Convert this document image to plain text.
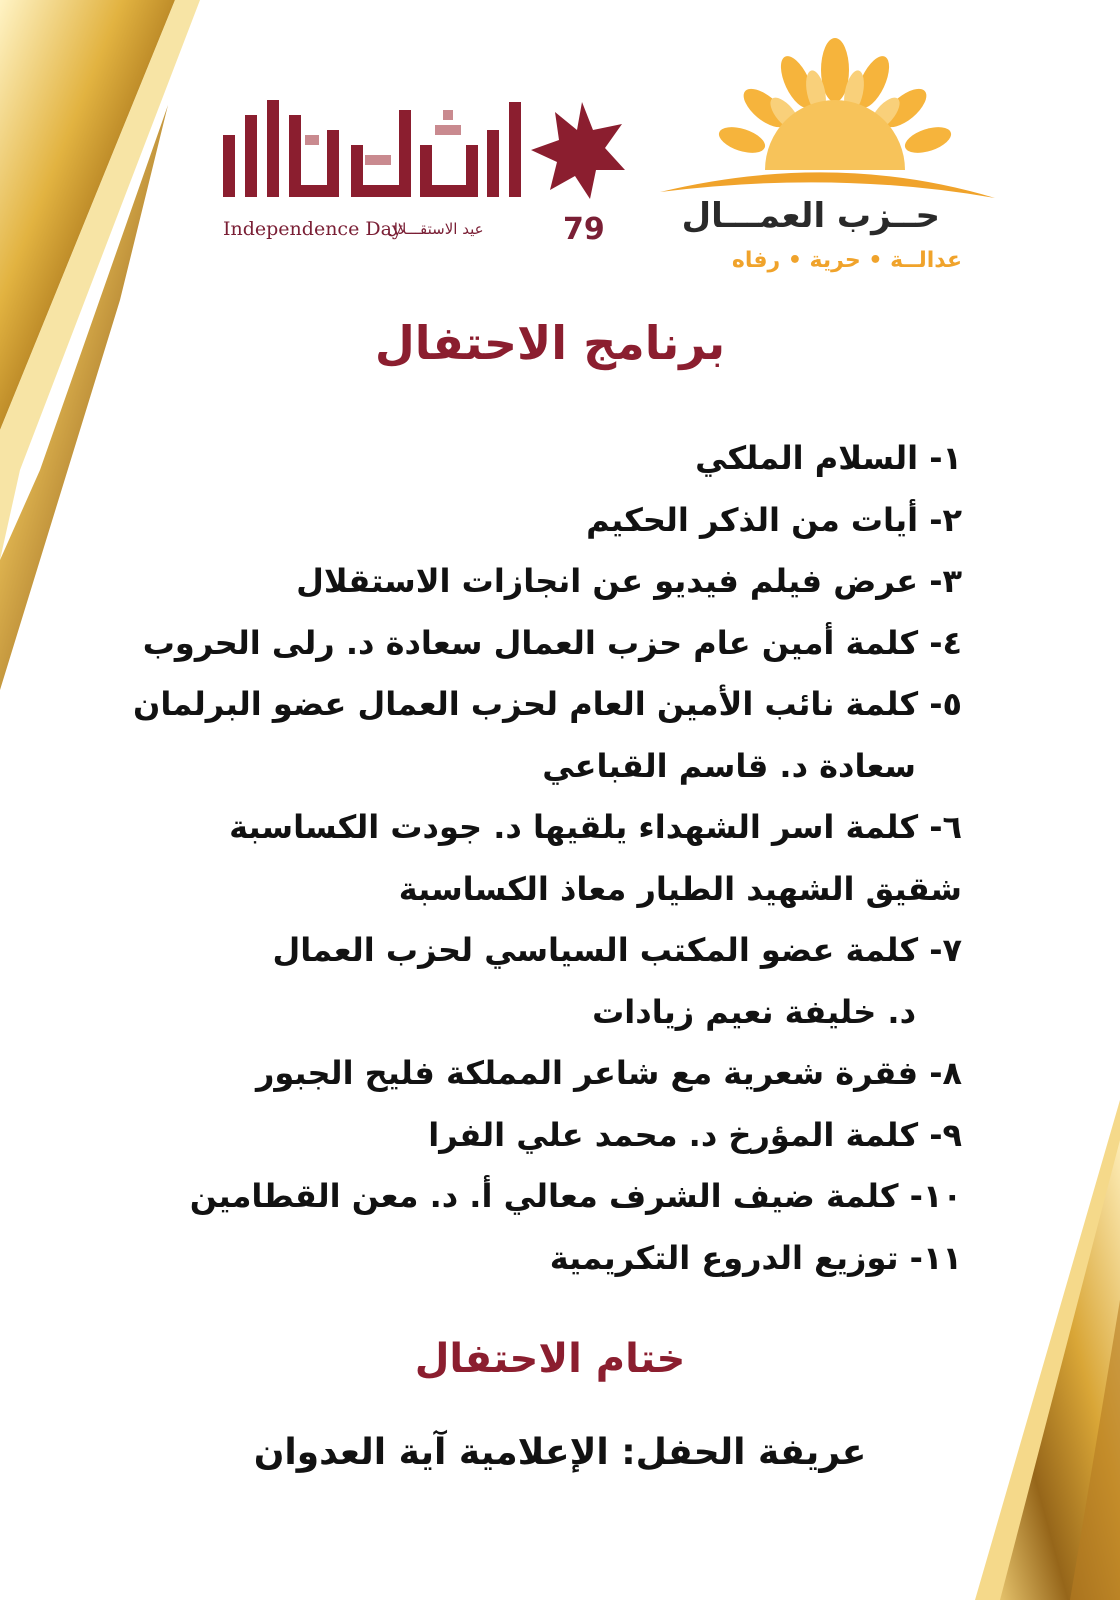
Independence Day
عيد الاستقـــلال	79 حــزب العمـــال
عدالــة • حرية • رفاه
برنامج الاحتفال
١- السلام الملكي
٢- أيات من الذكر الحكيم
٣- عرض فيلم فيديو عن انجازات الاستقلال
٤- كلمة أمين عام حزب العمال سعادة د. رلى الحروب
٥- كلمة نائب الأمين العام لحزب العمال عضو البرلمان
سعادة د. قاسم القباعي
٦- كلمة اسر الشهداء يلقيها د. جودت الكساسبة
شقيق الشهيد الطيار معاذ الكساسبة
٧- كلمة عضو المكتب السياسي لحزب العمال
د. خليفة نعيم زيادات
٨- فقرة شعرية مع شاعر المملكة فليح الجبور
٩- كلمة المؤرخ د. محمد علي الفرا
١٠- كلمة ضيف الشرف معالي أ. د. معن القطامين
١١- توزيع الدروع التكريمية
ختام الاحتفال
عريفة الحفل: الإعلامية آية العدوان
